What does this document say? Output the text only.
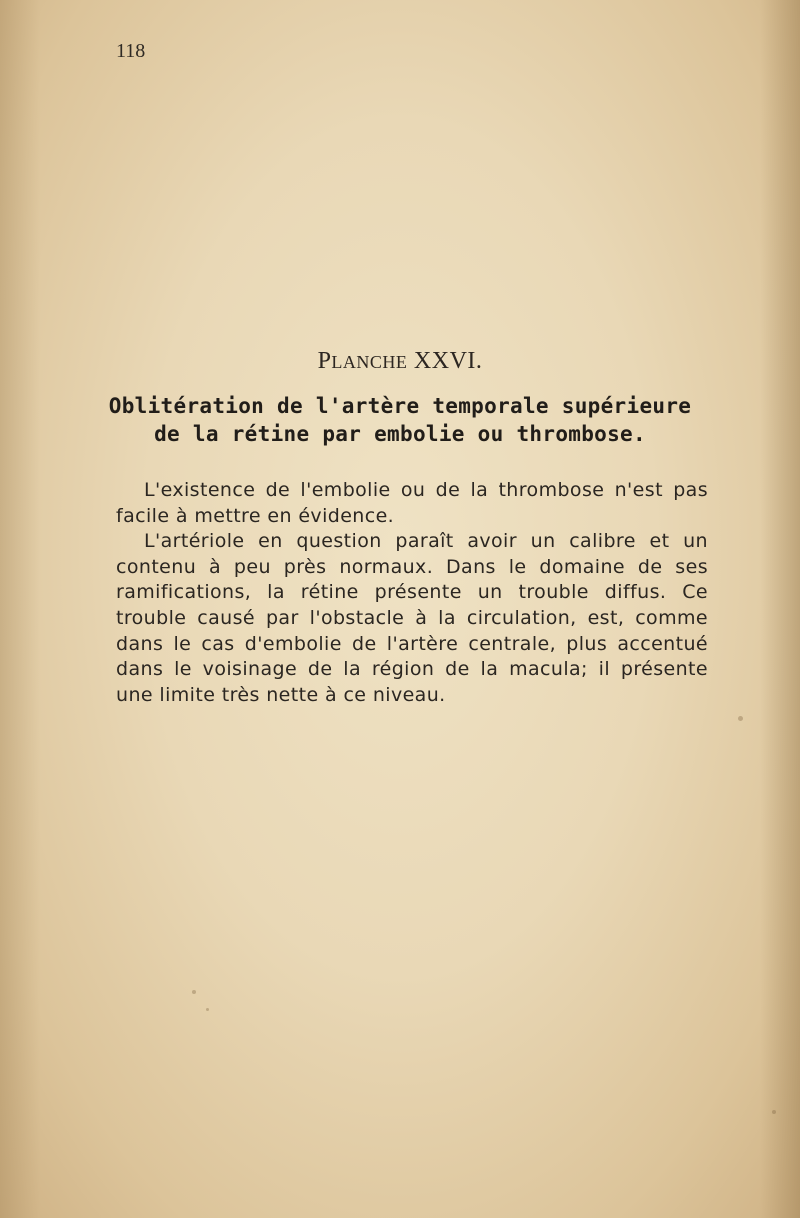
118
PLANCHE XXVI.
Oblitération de l'artère temporale supérieure
de la rétine par embolie ou thrombose.
L'existence de l'embolie ou de la thrombose n'est pas
facile à mettre en évidence.
L'artériole en question paraît avoir un calibre et un
contenu à peu près normaux. Dans le domaine de ses
ramifications, la rétine présente un trouble diffus. Ce
trouble causé par l'obstacle à la circulation, est, comme
dans le cas d'embolie de l'artère centrale, plus accentué
dans le voisinage de la région de la macula; il présente
une limite très nette à ce niveau.
